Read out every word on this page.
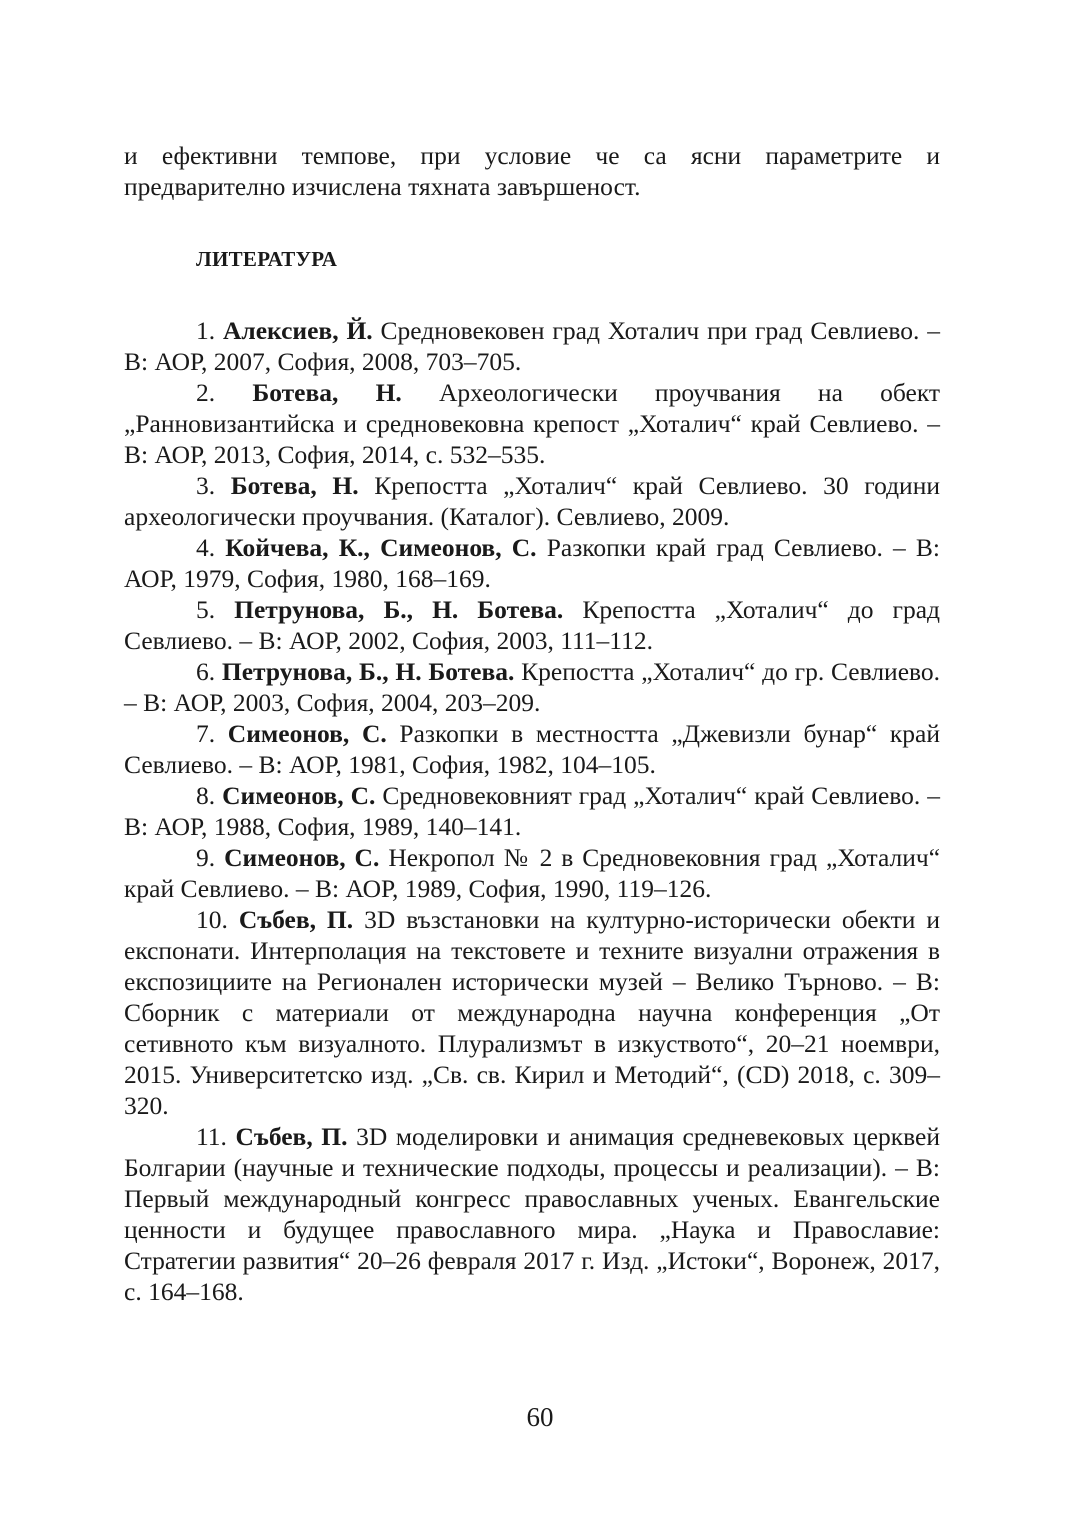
и ефективни темпове, при условие че са ясни параметрите и предварително изчислена тяхната завършеност.

ЛИТЕРАТУРА

1. Алексиев, Й. Средновековен град Хоталич при град Севлиево. – В: АОР, 2007, София, 2008, 703–705.

2. Ботева, Н. Археологически проучвания на обект „Ранновизантийска и средновековна крепост „Хоталич“ край Севлиево. – В: АОР, 2013, София, 2014, с. 532–535.

3. Ботева, Н. Крепостта „Хоталич“ край Севлиево. 30 години археологически проучвания. (Каталог). Севлиево, 2009.

4. Койчева, К., Симеонов, С. Разкопки край град Севлиево. – В: АОР, 1979, София, 1980, 168–169.

5. Петрунова, Б., Н. Ботева. Крепостта „Хоталич“ до град Севлиево. – В: АОР, 2002, София, 2003, 111–112.

6. Петрунова, Б., Н. Ботева. Крепостта „Хоталич“ до гр. Севлиево. – В: АОР, 2003, София, 2004, 203–209.

7. Симеонов, С. Разкопки в местността „Джевизли бунар“ край Севлиево. – В: АОР, 1981, София, 1982, 104–105.

8. Симеонов, С. Средновековният град „Хоталич“ край Севлиево. – В: АОР, 1988, София, 1989, 140–141.

9. Симеонов, С. Некропол № 2 в Средновековния град „Хоталич“ край Севлиево. – В: АОР, 1989, София, 1990, 119–126.

10. Събев, П. 3D възстановки на културно-исторически обекти и експонати. Интерполация на текстовете и техните визуални отражения в експозициите на Регионален исторически музей – Велико Търново. – В: Сборник с материали от международна научна конференция „От сетивното към визуалното. Плурализмът в изкуството“, 20–21 ноември, 2015. Университетско изд. „Св. св. Кирил и Методий“, (CD) 2018, с. 309–320.

11. Събев, П. 3D моделировки и анимация средневековых церквей Болгарии (научные и технические подходы, процессы и реализации). – В: Первый международный конгресс православных ученых. Евангельские ценности и будущее православного мира. „Наука и Православие: Стратегии развития“ 20–26 февраля 2017 г. Изд. „Истоки“, Воронеж, 2017, с. 164–168.

60
